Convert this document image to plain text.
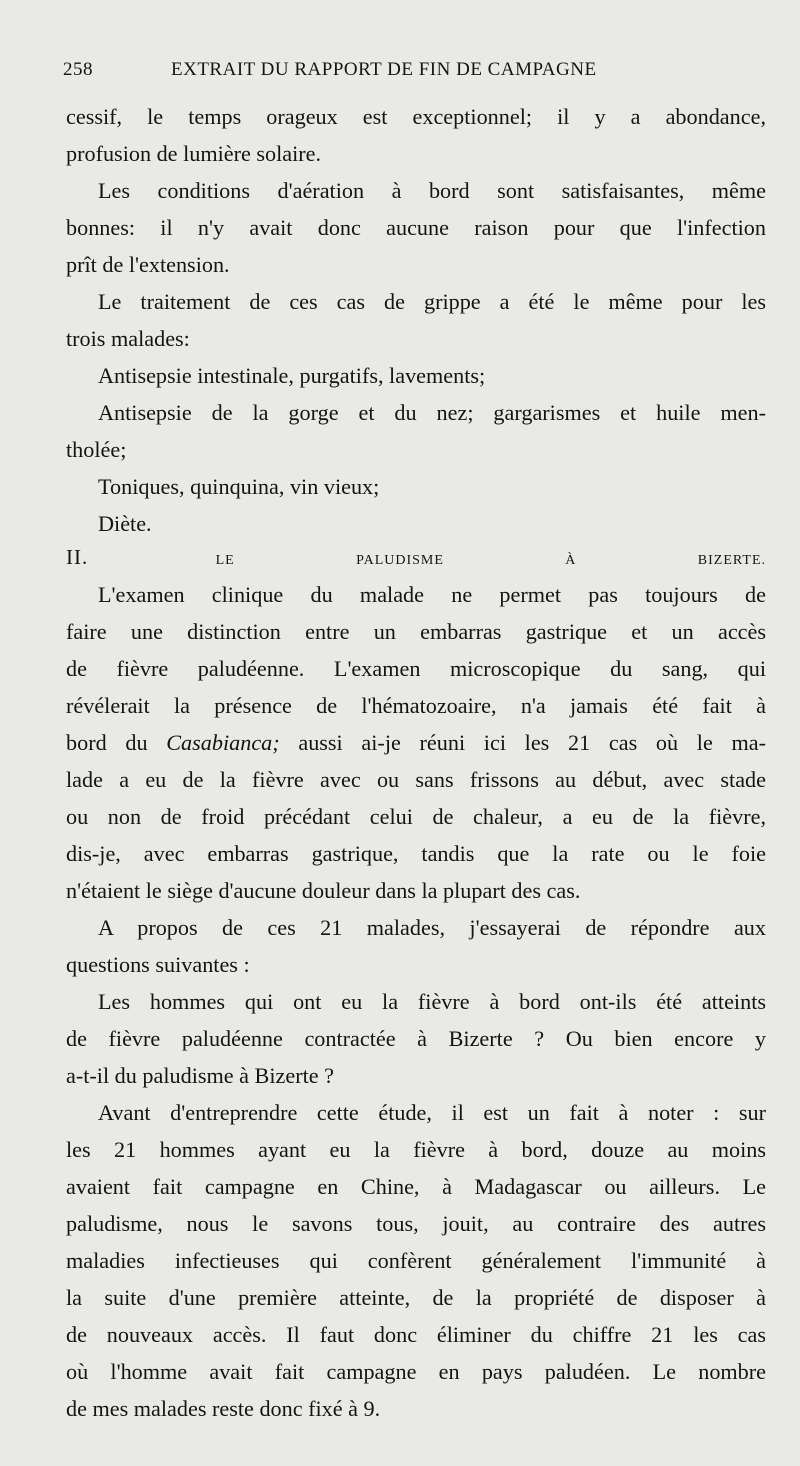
258	EXTRAIT DU RAPPORT DE FIN DE CAMPAGNE

cessif, le temps orageux est exceptionnel; il y a abondance,

profusion de lumière solaire.

Les conditions d'aération à bord sont satisfaisantes, même

bonnes: il n'y avait donc aucune raison pour que l'infection

prît de l'extension.

Le traitement de ces cas de grippe a été le même pour les

trois malades:

Antisepsie intestinale, purgatifs, lavements;

Antisepsie de la gorge et du nez; gargarismes et huile men-

tholée;

Toniques, quinquina, vin vieux;

Diète.

II.	LE PALUDISME À BIZERTE.

L'examen clinique du malade ne permet pas toujours de

faire une distinction entre un embarras gastrique et un accès

de fièvre paludéenne. L'examen microscopique du sang, qui

révélerait la présence de l'hématozoaire, n'a jamais été fait à

bord du Casabianca; aussi ai-je réuni ici les 21 cas où le ma-

lade a eu de la fièvre avec ou sans frissons au début, avec stade

ou non de froid précédant celui de chaleur, a eu de la fièvre,

dis-je, avec embarras gastrique, tandis que la rate ou le foie

n'étaient le siège d'aucune douleur dans la plupart des cas.

A propos de ces 21 malades, j'essayerai de répondre aux

questions suivantes :

Les hommes qui ont eu la fièvre à bord ont-ils été atteints

de fièvre paludéenne contractée à Bizerte ? Ou bien encore y

a-t-il du paludisme à Bizerte ?

Avant d'entreprendre cette étude, il est un fait à noter : sur

les 21 hommes ayant eu la fièvre à bord, douze au moins

avaient fait campagne en Chine, à Madagascar ou ailleurs. Le

paludisme, nous le savons tous, jouit, au contraire des autres

maladies infectieuses qui confèrent généralement l'immunité à

la suite d'une première atteinte, de la propriété de disposer à

de nouveaux accès. Il faut donc éliminer du chiffre 21 les cas

où l'homme avait fait campagne en pays paludéen. Le nombre

de mes malades reste donc fixé à 9.
